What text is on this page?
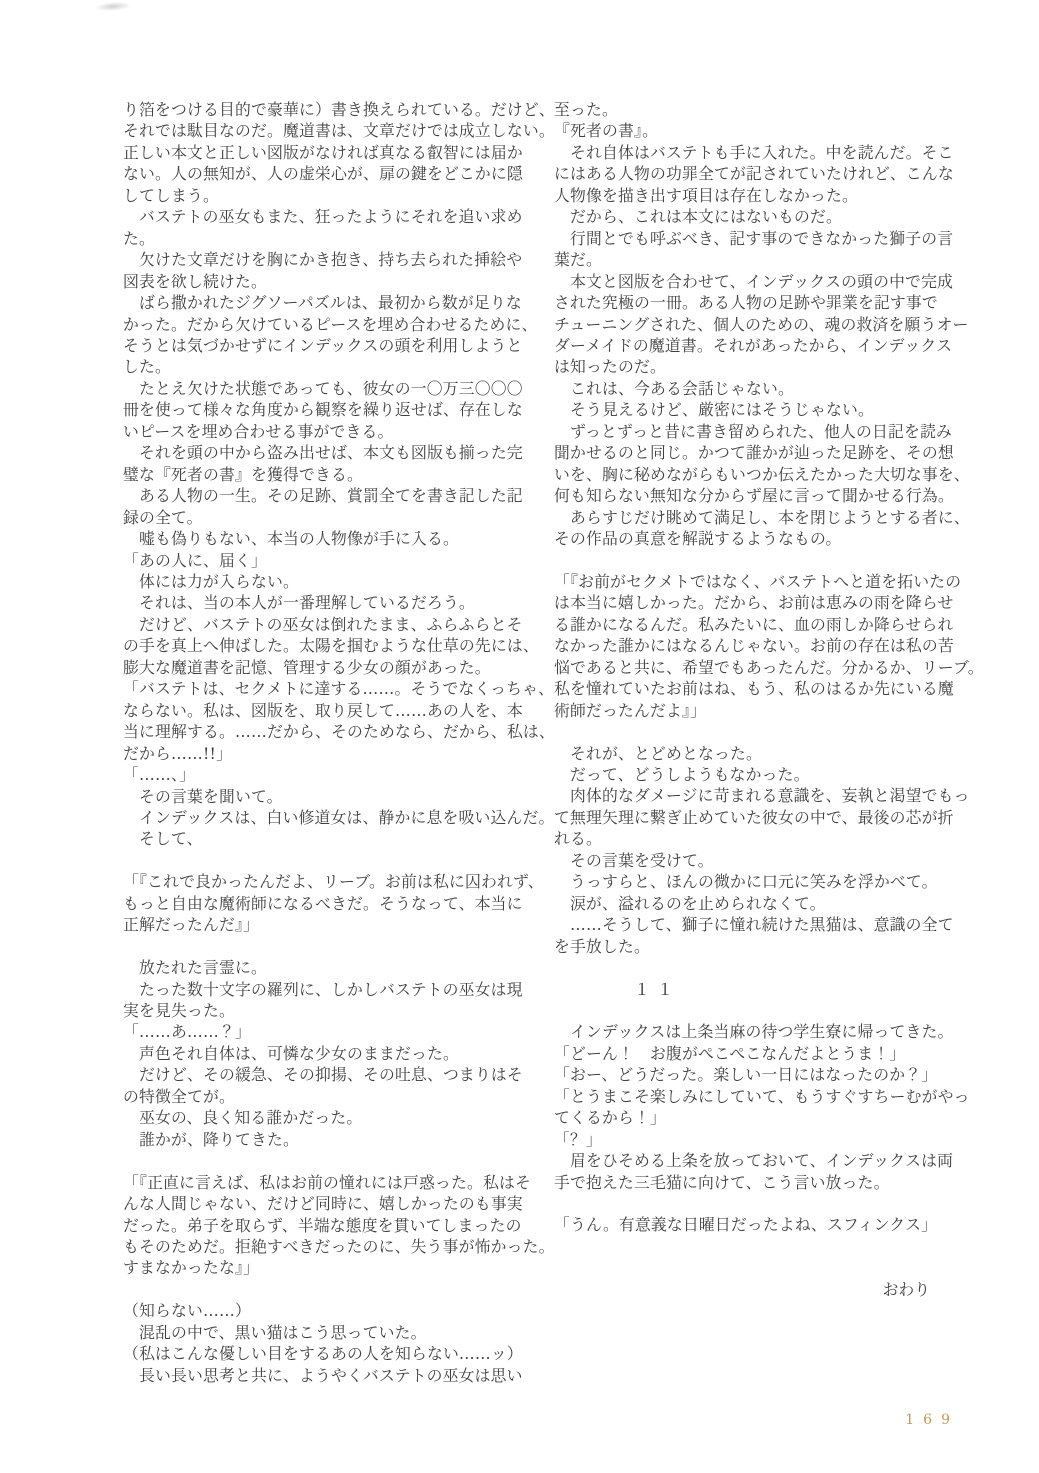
り箔をつける目的で豪華に）書き換えられている。だけど、
それでは駄目なのだ。魔道書は、文章だけでは成立しない。
正しい本文と正しい図版がなければ真なる叡智には届か
ない。人の無知が、人の虚栄心が、扉の鍵をどこかに隠
してしまう。
　バステトの巫女もまた、狂ったようにそれを追い求め
た。
　欠けた文章だけを胸にかき抱き、持ち去られた挿絵や
図表を欲し続けた。
　ばら撒かれたジグソーパズルは、最初から数が足りな
かった。だから欠けているピースを埋め合わせるために、
そうとは気づかせずにインデックスの頭を利用しようと
した。
　たとえ欠けた状態であっても、彼女の一〇万三〇〇〇
冊を使って様々な角度から観察を繰り返せば、存在しな
いピースを埋め合わせる事ができる。
　それを頭の中から盗み出せば、本文も図版も揃った完
璧な『死者の書』を獲得できる。
　ある人物の一生。その足跡、賞罰全てを書き記した記
録の全て。
　嘘も偽りもない、本当の人物像が手に入る。
「あの人に、届く」
　体には力が入らない。
　それは、当の本人が一番理解しているだろう。
　だけど、バステトの巫女は倒れたまま、ふらふらとそ
の手を真上へ伸ばした。太陽を掴むような仕草の先には、
膨大な魔道書を記憶、管理する少女の顔があった。
「バステトは、セクメトに達する……。そうでなくっちゃ、
ならない。私は、図版を、取り戻して……あの人を、本
当に理解する。……だから、そのためなら、だから、私は、
だから……!!」
「……、」
　その言葉を聞いて。
　インデックスは、白い修道女は、静かに息を吸い込んだ。
　そして、
「『これで良かったんだよ、リーブ。お前は私に囚われず、
もっと自由な魔術師になるべきだ。そうなって、本当に
正解だったんだ』」
　放たれた言霊に。
　たった数十文字の羅列に、しかしバステトの巫女は現
実を見失った。
「……あ……？」
　声色それ自体は、可憐な少女のままだった。
　だけど、その緩急、その抑揚、その吐息、つまりはそ
の特徴全てが。
　巫女の、良く知る誰かだった。
　誰かが、降りてきた。
「『正直に言えば、私はお前の憧れには戸惑った。私はそ
んな人間じゃない、だけど同時に、嬉しかったのも事実
だった。弟子を取らず、半端な態度を貫いてしまったの
もそのためだ。拒絶すべきだったのに、失う事が怖かった。
すまなかったな』」
（知らない……）
　混乱の中で、黒い猫はこう思っていた。
（私はこんな優しい目をするあの人を知らない……ッ）
　長い長い思考と共に、ようやくバステトの巫女は思い
至った。
『死者の書』。
　それ自体はバステトも手に入れた。中を読んだ。そこ
にはある人物の功罪全てが記されていたけれど、こんな
人物像を描き出す項目は存在しなかった。
　だから、これは本文にはないものだ。
　行間とでも呼ぶべき、記す事のできなかった獅子の言
葉だ。
　本文と図版を合わせて、インデックスの頭の中で完成
された究極の一冊。ある人物の足跡や罪業を記す事で
チューニングされた、個人のための、魂の救済を願うオー
ダーメイドの魔道書。それがあったから、インデックス
は知ったのだ。
　これは、今ある会話じゃない。
　そう見えるけど、厳密にはそうじゃない。
　ずっとずっと昔に書き留められた、他人の日記を読み
聞かせるのと同じ。かつて誰かが辿った足跡を、その想
いを、胸に秘めながらもいつか伝えたかった大切な事を、
何も知らない無知な分からず屋に言って聞かせる行為。
　あらすじだけ眺めて満足し、本を閉じようとする者に、
その作品の真意を解説するようなもの。
「『お前がセクメトではなく、バステトへと道を拓いたの
は本当に嬉しかった。だから、お前は恵みの雨を降らせ
る誰かになるんだ。私みたいに、血の雨しか降らせられ
なかった誰かにはなるんじゃない。お前の存在は私の苦
悩であると共に、希望でもあったんだ。分かるか、リーブ。
私を憧れていたお前はね、もう、私のはるか先にいる魔
術師だったんだよ』」
　それが、とどめとなった。
　だって、どうしようもなかった。
　肉体的なダメージに苛まれる意識を、妄執と渇望でもっ
て無理矢理に繋ぎ止めていた彼女の中で、最後の芯が折
れる。
　その言葉を受けて。
　うっすらと、ほんの微かに口元に笑みを浮かべて。
　涙が、溢れるのを止められなくて。
　……そうして、獅子に憧れ続けた黒猫は、意識の全て
を手放した。
１１
　インデックスは上条当麻の待つ学生寮に帰ってきた。
「どーん！　お腹がぺこぺこなんだよとうま！」
「おー、どうだった。楽しい一日にはなったのか？」
「とうまこそ楽しみにしていて、もうすぐすちーむがやっ
てくるから！」
「？」
　眉をひそめる上条を放っておいて、インデックスは両
手で抱えた三毛猫に向けて、こう言い放った。
「うん。有意義な日曜日だったよね、スフィンクス」
おわり
169
